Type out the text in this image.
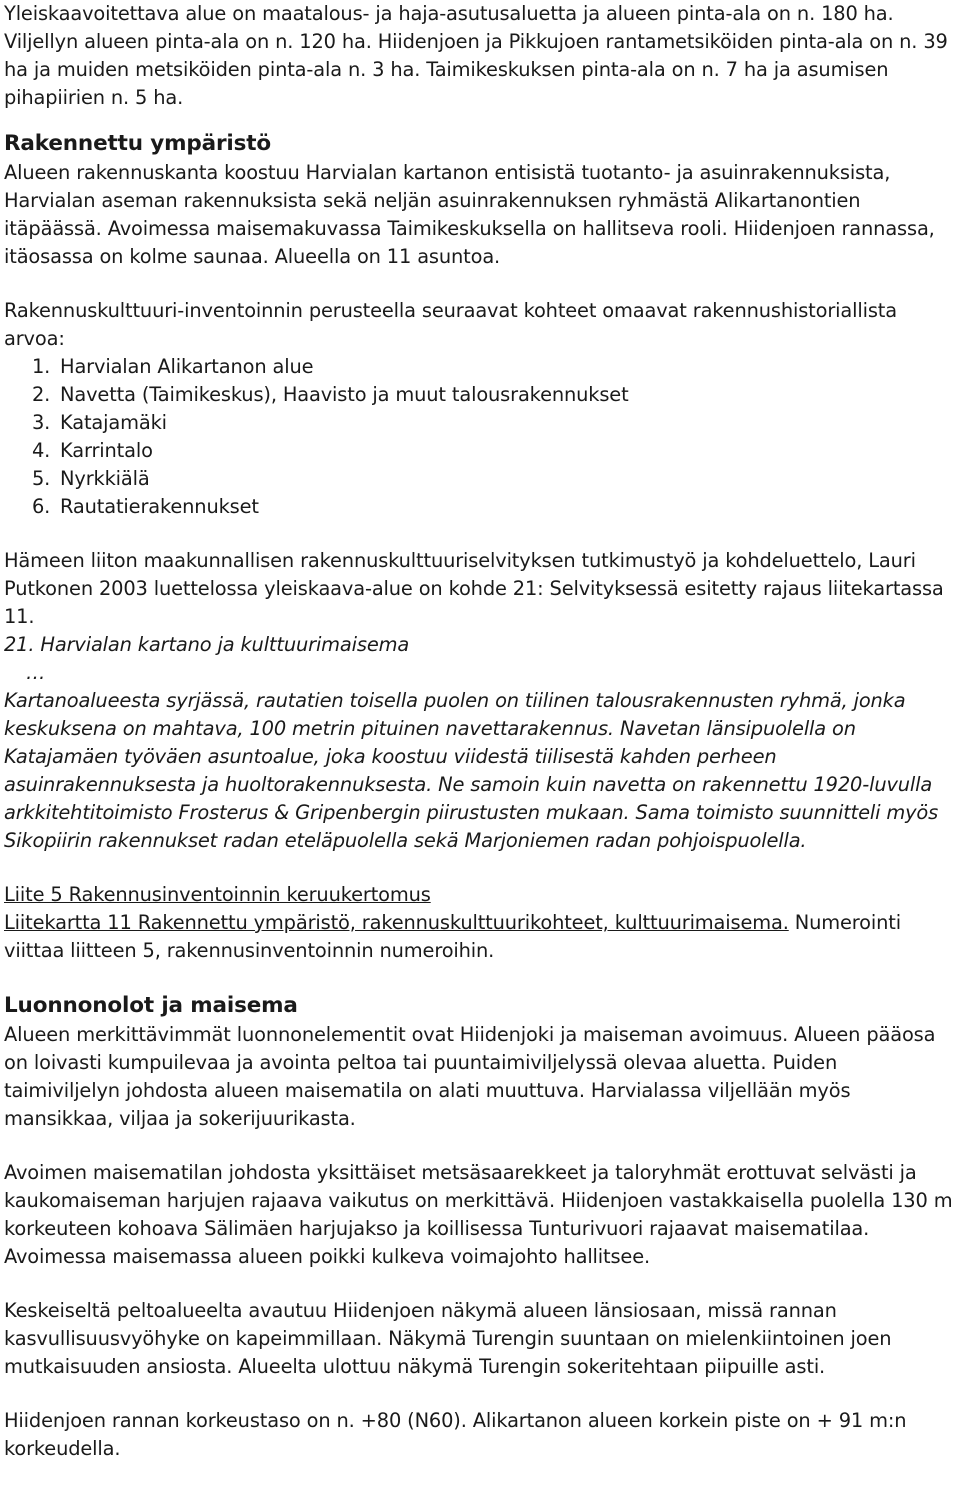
Yleiskaavoitettava alue on maatalous- ja haja-asutusaluetta ja alueen pinta-ala on n. 180 ha. Viljellyn alueen pinta-ala on n. 120 ha. Hiidenjoen ja Pikkujoen rantametsiköiden pinta-ala on n. 39 ha ja muiden metsiköiden pinta-ala n. 3 ha. Taimikeskuksen pinta-ala on n. 7 ha ja asumisen pihapiirien n. 5 ha.

Rakennettu ympäristö

Alueen rakennuskanta koostuu Harvialan kartanon entisistä tuotanto- ja asuinrakennuksista, Harvialan aseman rakennuksista sekä neljän asuinrakennuksen ryhmästä Alikartanontien itäpäässä. Avoimessa maisemakuvassa Taimikeskuksella on hallitseva rooli. Hiidenjoen rannassa, itäosassa on kolme saunaa. Alueella on 11 asuntoa.

Rakennuskulttuuri-inventoinnin perusteella seuraavat kohteet omaavat rakennushistoriallista arvoa:

1. Harvialan Alikartanon alue
2. Navetta (Taimikeskus), Haavisto ja muut talousrakennukset
3. Katajamäki
4. Karrintalo
5. Nyrkkiälä
6. Rautatierakennukset

Hämeen liiton maakunnallisen rakennuskulttuuriselvityksen tutkimustyö ja kohdeluettelo, Lauri Putkonen 2003 luettelossa yleiskaava-alue on kohde 21: Selvityksessä esitetty rajaus liitekartassa 11.

21. Harvialan kartano ja kulttuurimaisema

…

Kartanoalueesta syrjässä, rautatien toisella puolen on tiilinen talousrakennusten ryhmä, jonka keskuksena on mahtava, 100 metrin pituinen navettarakennus. Navetan länsipuolella on Katajamäen työväen asuntoalue, joka koostuu viidestä tiilisestä kahden perheen asuinrakennuksesta ja huoltorakennuksesta. Ne samoin kuin navetta on rakennettu 1920-luvulla arkkitehtitoimisto Frosterus & Gripenbergin piirustusten mukaan. Sama toimisto suunnitteli myös Sikopiirin rakennukset radan eteläpuolella sekä Marjoniemen radan pohjoispuolella.

Liite 5 Rakennusinventoinnin keruukertomus

Liitekartta 11 Rakennettu ympäristö, rakennuskulttuurikohteet, kulttuurimaisema. Numerointi viittaa liitteen 5, rakennusinventoinnin numeroihin.

Luonnonolot ja maisema

Alueen merkittävimmät luonnonelementit ovat Hiidenjoki ja maiseman avoimuus. Alueen pääosa on loivasti kumpuilevaa ja avointa peltoa tai puuntaimiviljelyssä olevaa aluetta. Puiden taimiviljelyn johdosta alueen maisematila on alati muuttuva. Harvialassa viljellään myös mansikkaa, viljaa ja sokerijuurikasta.

Avoimen maisematilan johdosta yksittäiset metsäsaarekkeet ja taloryhmät erottuvat selvästi ja kaukomaiseman harjujen rajaava vaikutus on merkittävä. Hiidenjoen vastakkaisella puolella 130 m korkeuteen kohoava Sälimäen harjujakso ja koillisessa Tunturivuori rajaavat maisematilaa. Avoimessa maisemassa alueen poikki kulkeva voimajohto hallitsee.

Keskeiseltä peltoalueelta avautuu Hiidenjoen näkymä alueen länsiosaan, missä rannan kasvullisuusvyöhyke on kapeimmillaan. Näkymä Turengin suuntaan on mielenkiintoinen joen mutkaisuuden ansiosta. Alueelta ulottuu näkymä Turengin sokeritehtaan piipuille asti.

Hiidenjoen rannan korkeustaso on n. +80 (N60). Alikartanon alueen korkein piste on + 91 m:n korkeudella.
